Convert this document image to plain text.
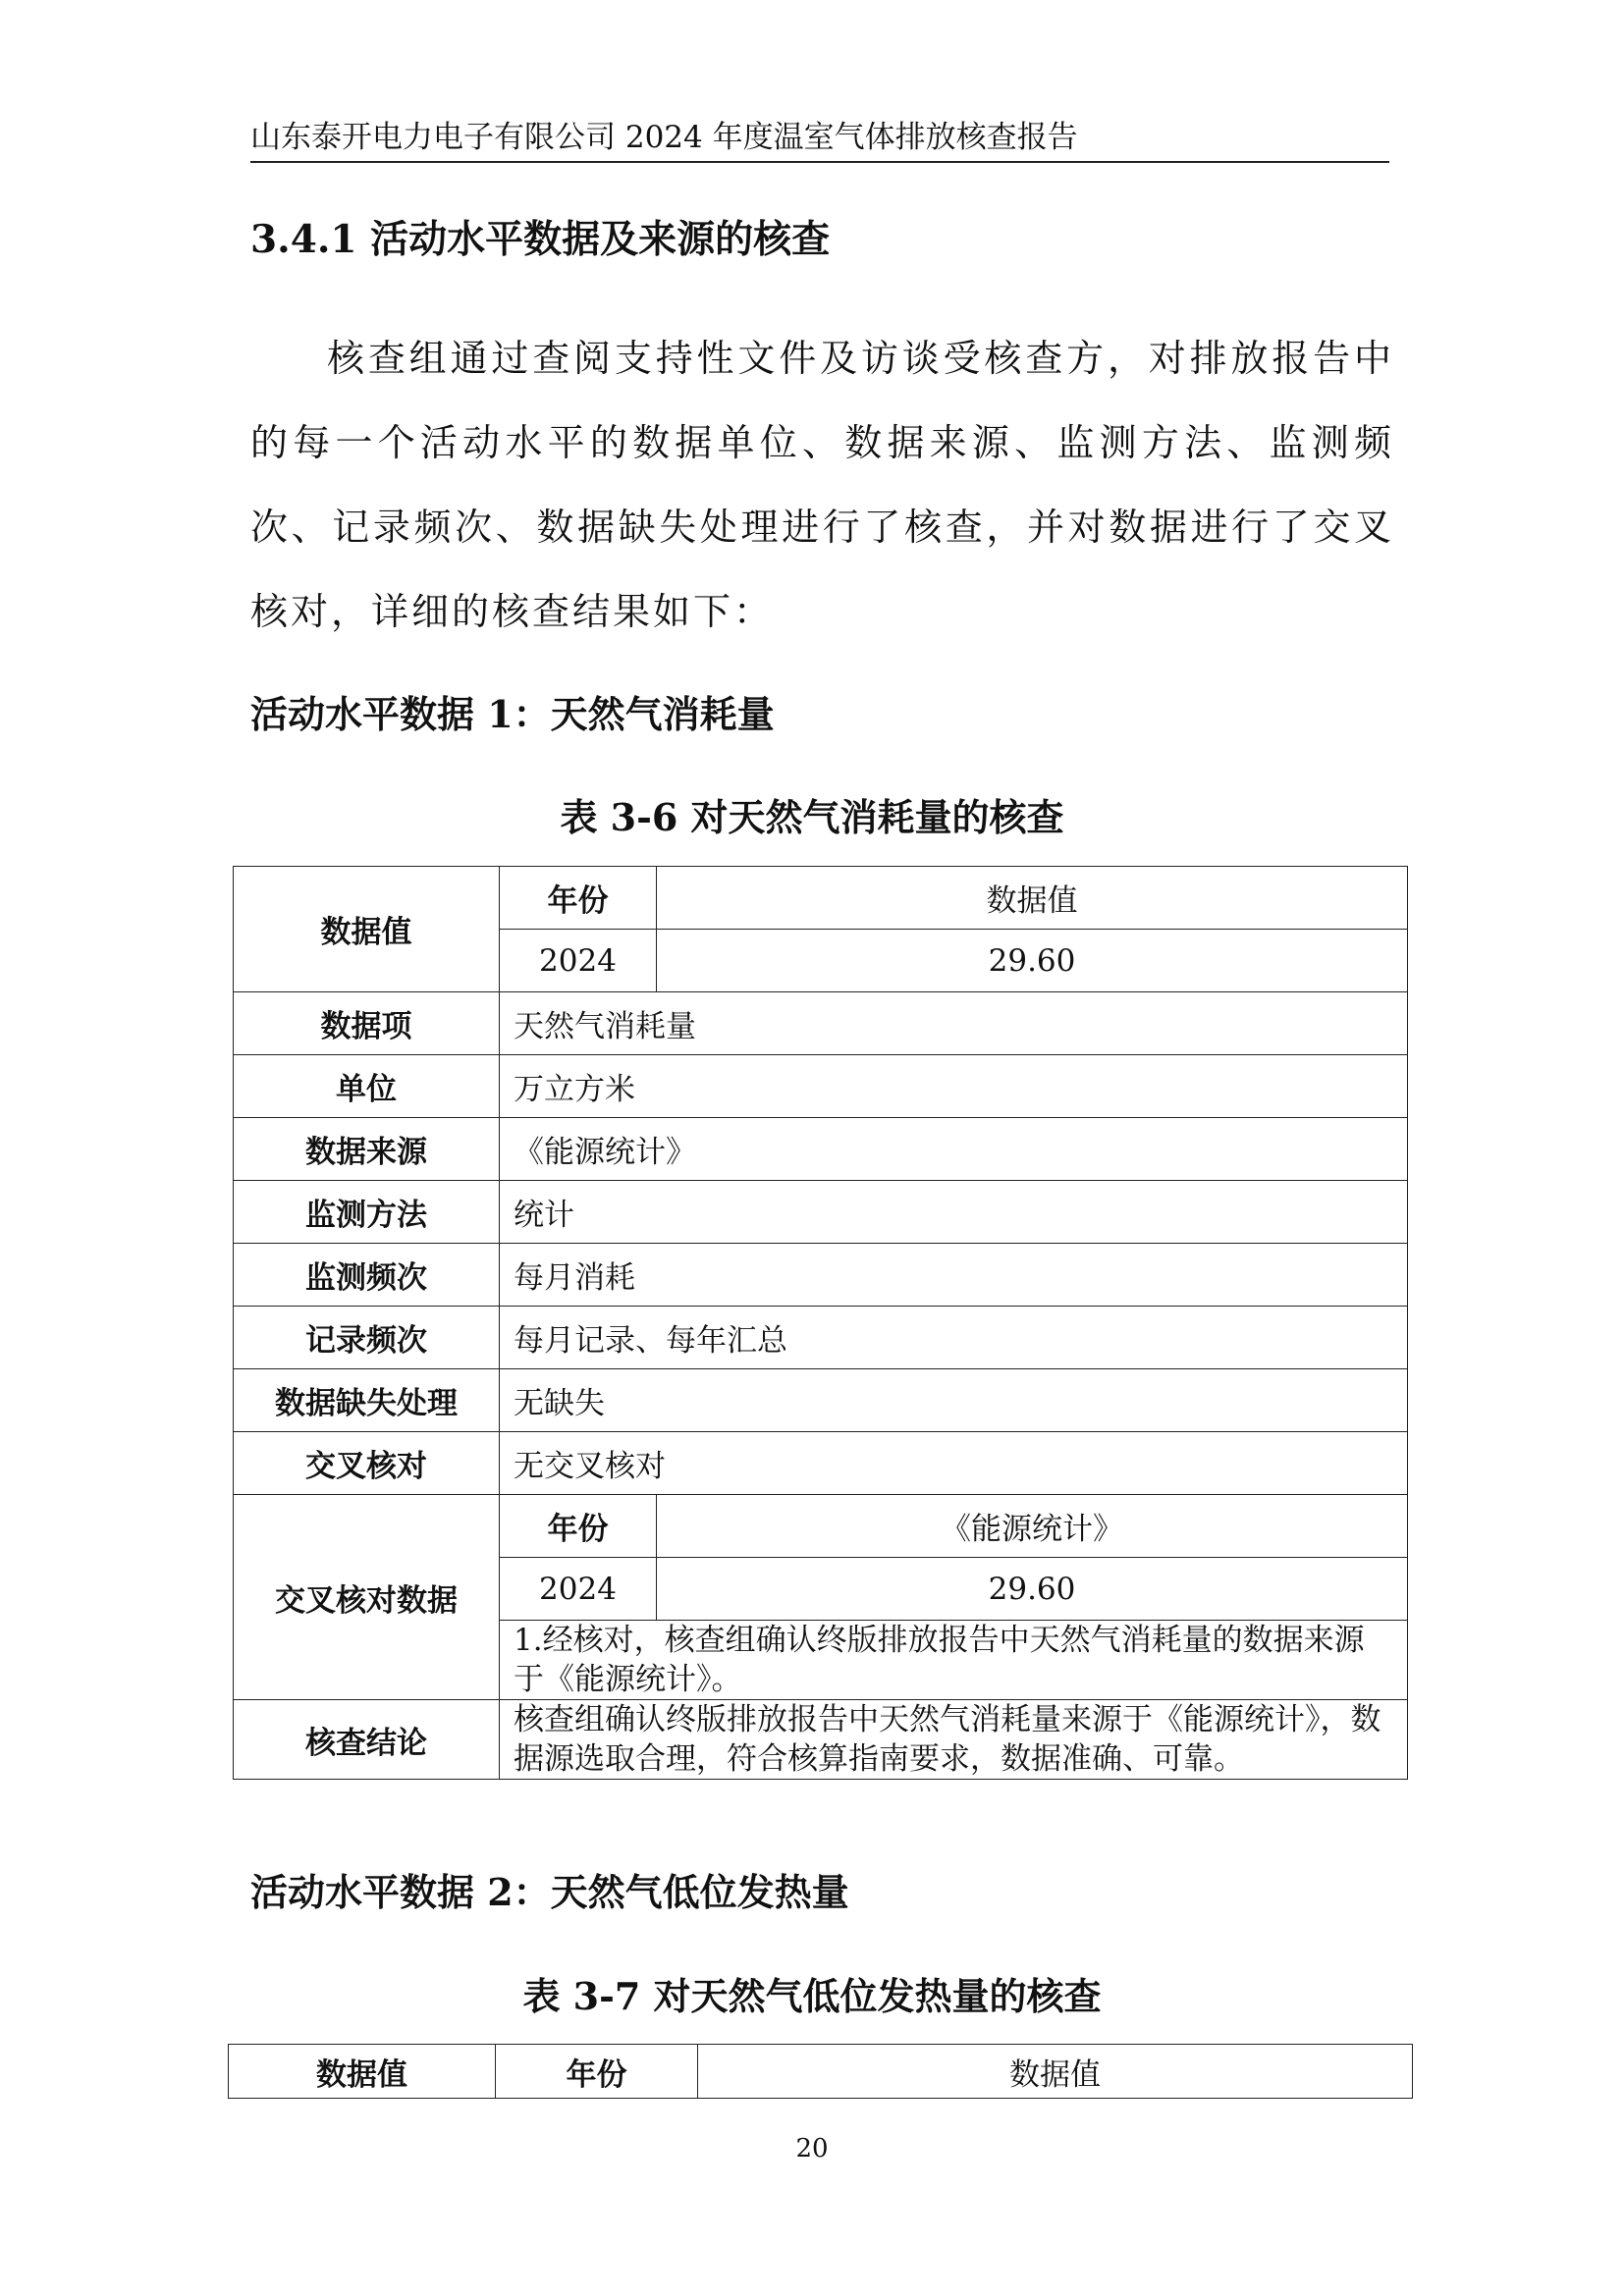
山东泰开电力电子有限公司 2024 年度温室气体排放核查报告
3.4.1 活动水平数据及来源的核查

核查组通过查阅支持性文件及访谈受核查方，对排放报告中的每一个活动水平的数据单位、数据来源、监测方法、监测频次、记录频次、数据缺失处理进行了核查，并对数据进行了交叉核对，详细的核查结果如下：

活动水平数据 1：天然气消耗量
表 3-6 对天然气消耗量的核查
数据值	年份	数据值
	2024	29.60
数据项	天然气消耗量	
单位	万立方米	
数据来源	《能源统计》	
监测方法	统计	
监测频次	每月消耗	
记录频次	每月记录、每年汇总	
数据缺失处理	无缺失	
交叉核对	无交叉核对	
交叉核对数据	年份	《能源统计》
	2024	29.60
	1.经核对，核查组确认终版排放报告中天然气消耗量的数据来源于《能源统计》。	
核查结论	核查组确认终版排放报告中天然气消耗量来源于《能源统计》，数据源选取合理，符合核算指南要求，数据准确、可靠。	
活动水平数据 2：天然气低位发热量
表 3-7 对天然气低位发热量的核查
数据值	年份	数据值
20
